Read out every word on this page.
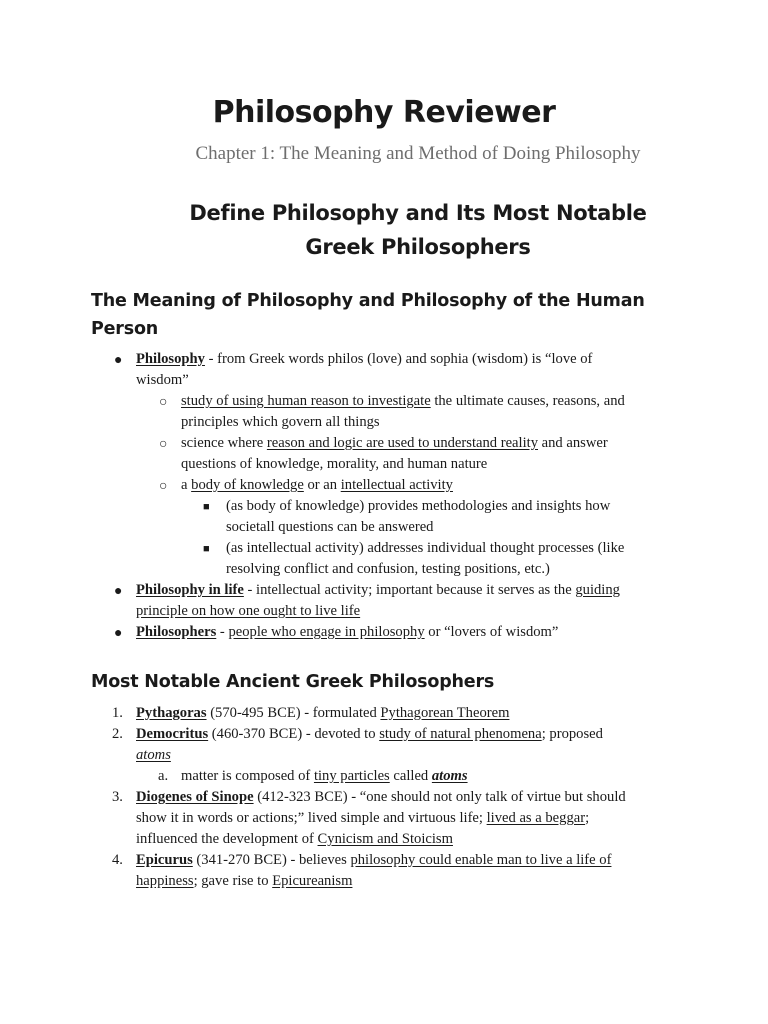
Philosophy Reviewer
Chapter 1: The Meaning and Method of Doing Philosophy
Define Philosophy and Its Most Notable
Greek Philosophers
The Meaning of Philosophy and Philosophy of the Human
Person
● Philosophy - from Greek words philos (love) and sophia (wisdom) is “love of
wisdom”
○ study of using human reason to investigate the ultimate causes, reasons, and
principles which govern all things
○ science where reason and logic are used to understand reality and answer
questions of knowledge, morality, and human nature
○ a body of knowledge or an intellectual activity
■ (as body of knowledge) provides methodologies and insights how
societall questions can be answered
■ (as intellectual activity) addresses individual thought processes (like
resolving conflict and confusion, testing positions, etc.)
● Philosophy in life - intellectual activity; important because it serves as the guiding
principle on how one ought to live life
● Philosophers - people who engage in philosophy or “lovers of wisdom”
Most Notable Ancient Greek Philosophers
1. Pythagoras (570-495 BCE) - formulated Pythagorean Theorem
2. Democritus (460-370 BCE) - devoted to study of natural phenomena; proposed
atoms
a. matter is composed of tiny particles called atoms
3. Diogenes of Sinope (412-323 BCE) - “one should not only talk of virtue but should
show it in words or actions;” lived simple and virtuous life; lived as a beggar;
influenced the development of Cynicism and Stoicism
4. Epicurus (341-270 BCE) - believes philosophy could enable man to live a life of
happiness; gave rise to Epicureanism
